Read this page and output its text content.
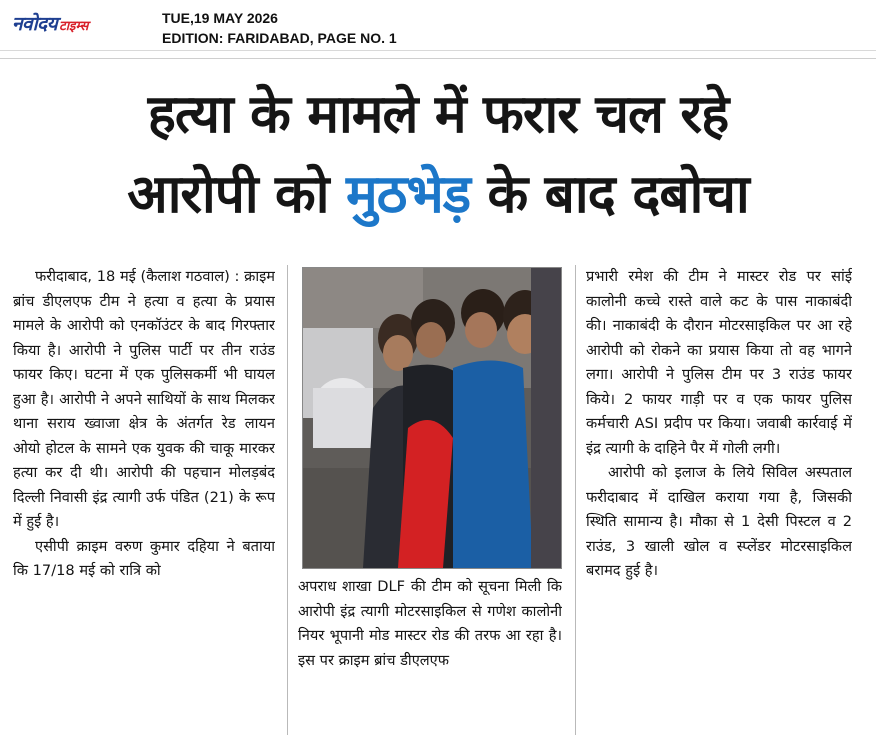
नवोदय टाइम्स
TUE,19 MAY 2026
EDITION: FARIDABAD, PAGE NO. 1
हत्या के मामले में फरार चल रहे
आरोपी को मुठभेड़ के बाद दबोचा

फरीदाबाद, 18 मई (कैलाश गठवाल) : क्राइम ब्रांच डीएलएफ टीम ने हत्या व हत्या के प्रयास मामले के आरोपी को एनकॉउंटर के बाद गिरफ्तार किया है। आरोपी ने पुलिस पार्टी पर तीन राउंड फायर किए। घटना में एक पुलिसकर्मी भी घायल हुआ है। आरोपी ने अपने साथियों के साथ मिलकर थाना सराय ख्वाजा क्षेत्र के अंतर्गत रेड लायन ओयो होटल के सामने एक युवक की चाकू मारकर हत्या कर दी थी। आरोपी की पहचान मोलड़बंद दिल्ली निवासी इंद्र त्यागी उर्फ पंडित (21) के रूप में हुई है।

एसीपी क्राइम वरुण कुमार दहिया ने बताया कि 17/18 मई को रात्रि को

अपराध शाखा DLF की टीम को सूचना मिली कि आरोपी इंद्र त्यागी मोटरसाइकिल से गणेश कालोनी नियर भूपानी मोड मास्टर रोड की तरफ आ रहा है। इस पर क्राइम ब्रांच डीएलएफ

प्रभारी रमेश की टीम ने मास्टर रोड पर सांई कालोनी कच्चे रास्ते वाले कट के पास नाकाबंदी की। नाकाबंदी के दौरान मोटरसाइकिल पर आ रहे आरोपी को रोकने का प्रयास किया तो वह भागने लगा। आरोपी ने पुलिस टीम पर 3 राउंड फायर किये। 2 फायर गाड़ी पर व एक फायर पुलिस कर्मचारी ASI प्रदीप पर किया। जवाबी कार्रवाई में इंद्र त्यागी के दाहिने पैर में गोली लगी।

आरोपी को इलाज के लिये सिविल अस्पताल फरीदाबाद में दाखिल कराया गया है, जिसकी स्थिति सामान्य है। मौका से 1 देसी पिस्टल व 2 राउंड, 3 खाली खोल व स्प्लेंडर मोटरसाइकिल बरामद हुई है।
